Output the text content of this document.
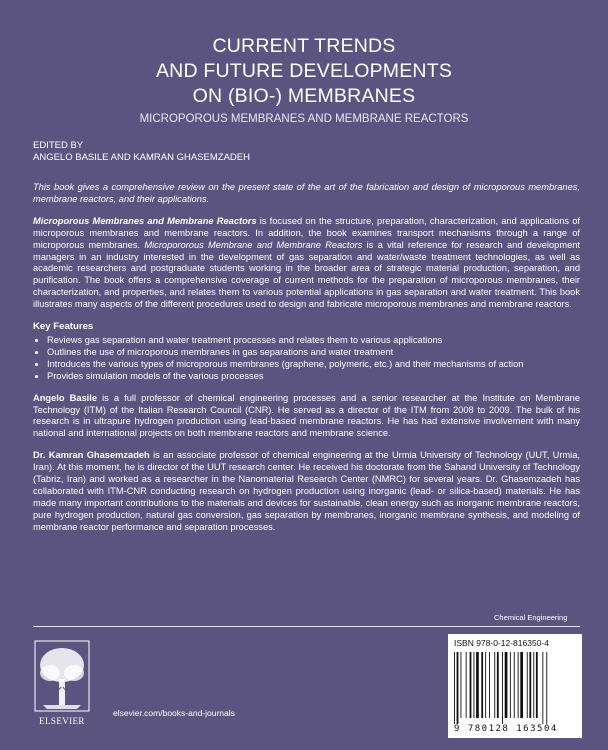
CURRENT TRENDS
AND FUTURE DEVELOPMENTS
ON (BIO-) MEMBRANES
MICROPOROUS MEMBRANES AND MEMBRANE REACTORS
EDITED BY
ANGELO BASILE AND KAMRAN GHASEMZADEH

This book gives a comprehensive review on the present state of the art of the fabrication and design of microporous membranes, membrane reactors, and their applications.

Microporous Membranes and Membrane Reactors is focused on the structure, preparation, characterization, and applications of microporous membranes and membrane reactors. In addition, the book examines transport mechanisms through a range of microporous membranes. Micropororous Membrane and Membrane Reactors is a vital reference for research and development managers in an industry interested in the development of gas separation and water/waste treatment technologies, as well as academic researchers and postgraduate students working in the broader area of strategic material production, separation, and purification. The book offers a comprehensive coverage of current methods for the preparation of microporous membranes, their characterization, and properties, and relates them to various potential applications in gas separation and water treatment. This book illustrates many aspects of the different procedures used to design and fabricate microporous membranes and membrane reactors.

Key Features
• Reviews gas separation and water treatment processes and relates them to various applications
• Outlines the use of microporous membranes in gas separations and water treatment
• Introduces the various types of microporous membranes (graphene, polymeric, etc.) and their mechanisms of action
• Provides simulation models of the various processes

Angelo Basile is a full professor of chemical engineering processes and a senior researcher at the Institute on Membrane Technology (ITM) of the Italian Research Council (CNR). He served as a director of the ITM from 2008 to 2009. The bulk of his research is in ultrapure hydrogen production using lead-based membrane reactors. He has had extensive involvement with many national and international projects on both membrane reactors and membrane science.

Dr. Kamran Ghasemzadeh is an associate professor of chemical engineering at the Urmia University of Technology (UUT, Urmia, Iran). At this moment, he is director of the UUT research center. He received his doctorate from the Sahand University of Technology (Tabriz, Iran) and worked as a researcher in the Nanomaterial Research Center (NMRC) for several years. Dr. Ghasemzadeh has collaborated with ITM-CNR conducting research on hydrogen production using inorganic (lead- or silica-based) materials. He has made many important contributions to the materials and devices for sustainable, clean energy such as inorganic membrane reactors, pure hydrogen production, natural gas conversion, gas separation by membranes, inorganic membrane synthesis, and modeling of membrane reactor performance and separation processes.

Chemical Engineering
ELSEVIER
elsevier.com/books-and-journals
ISBN 978-0-12-816350-4
9 780128 163504
